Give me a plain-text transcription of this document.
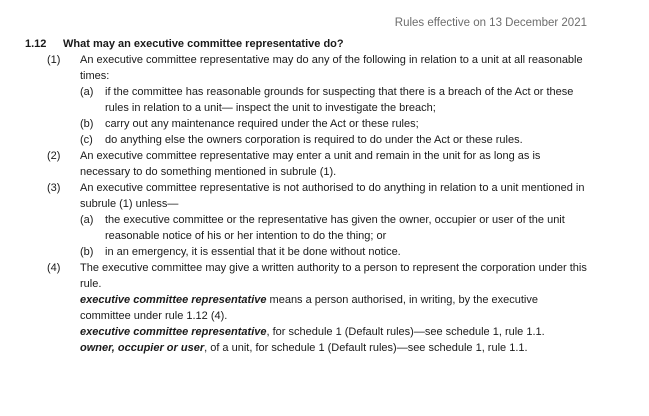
Rules effective on 13 December 2021
1.12 What may an executive committee representative do?
(1) An executive committee representative may do any of the following in relation to a unit at all reasonable times:
(a) if the committee has reasonable grounds for suspecting that there is a breach of the Act or these rules in relation to a unit— inspect the unit to investigate the breach;
(b) carry out any maintenance required under the Act or these rules;
(c) do anything else the owners corporation is required to do under the Act or these rules.
(2) An executive committee representative may enter a unit and remain in the unit for as long as is necessary to do something mentioned in subrule (1).
(3) An executive committee representative is not authorised to do anything in relation to a unit mentioned in subrule (1) unless—
(a) the executive committee or the representative has given the owner, occupier or user of the unit reasonable notice of his or her intention to do the thing; or
(b) in an emergency, it is essential that it be done without notice.
(4) The executive committee may give a written authority to a person to represent the corporation under this rule.
executive committee representative means a person authorised, in writing, by the executive committee under rule 1.12 (4).
executive committee representative, for schedule 1 (Default rules)—see schedule 1, rule 1.1.
owner, occupier or user, of a unit, for schedule 1 (Default rules)—see schedule 1, rule 1.1.
